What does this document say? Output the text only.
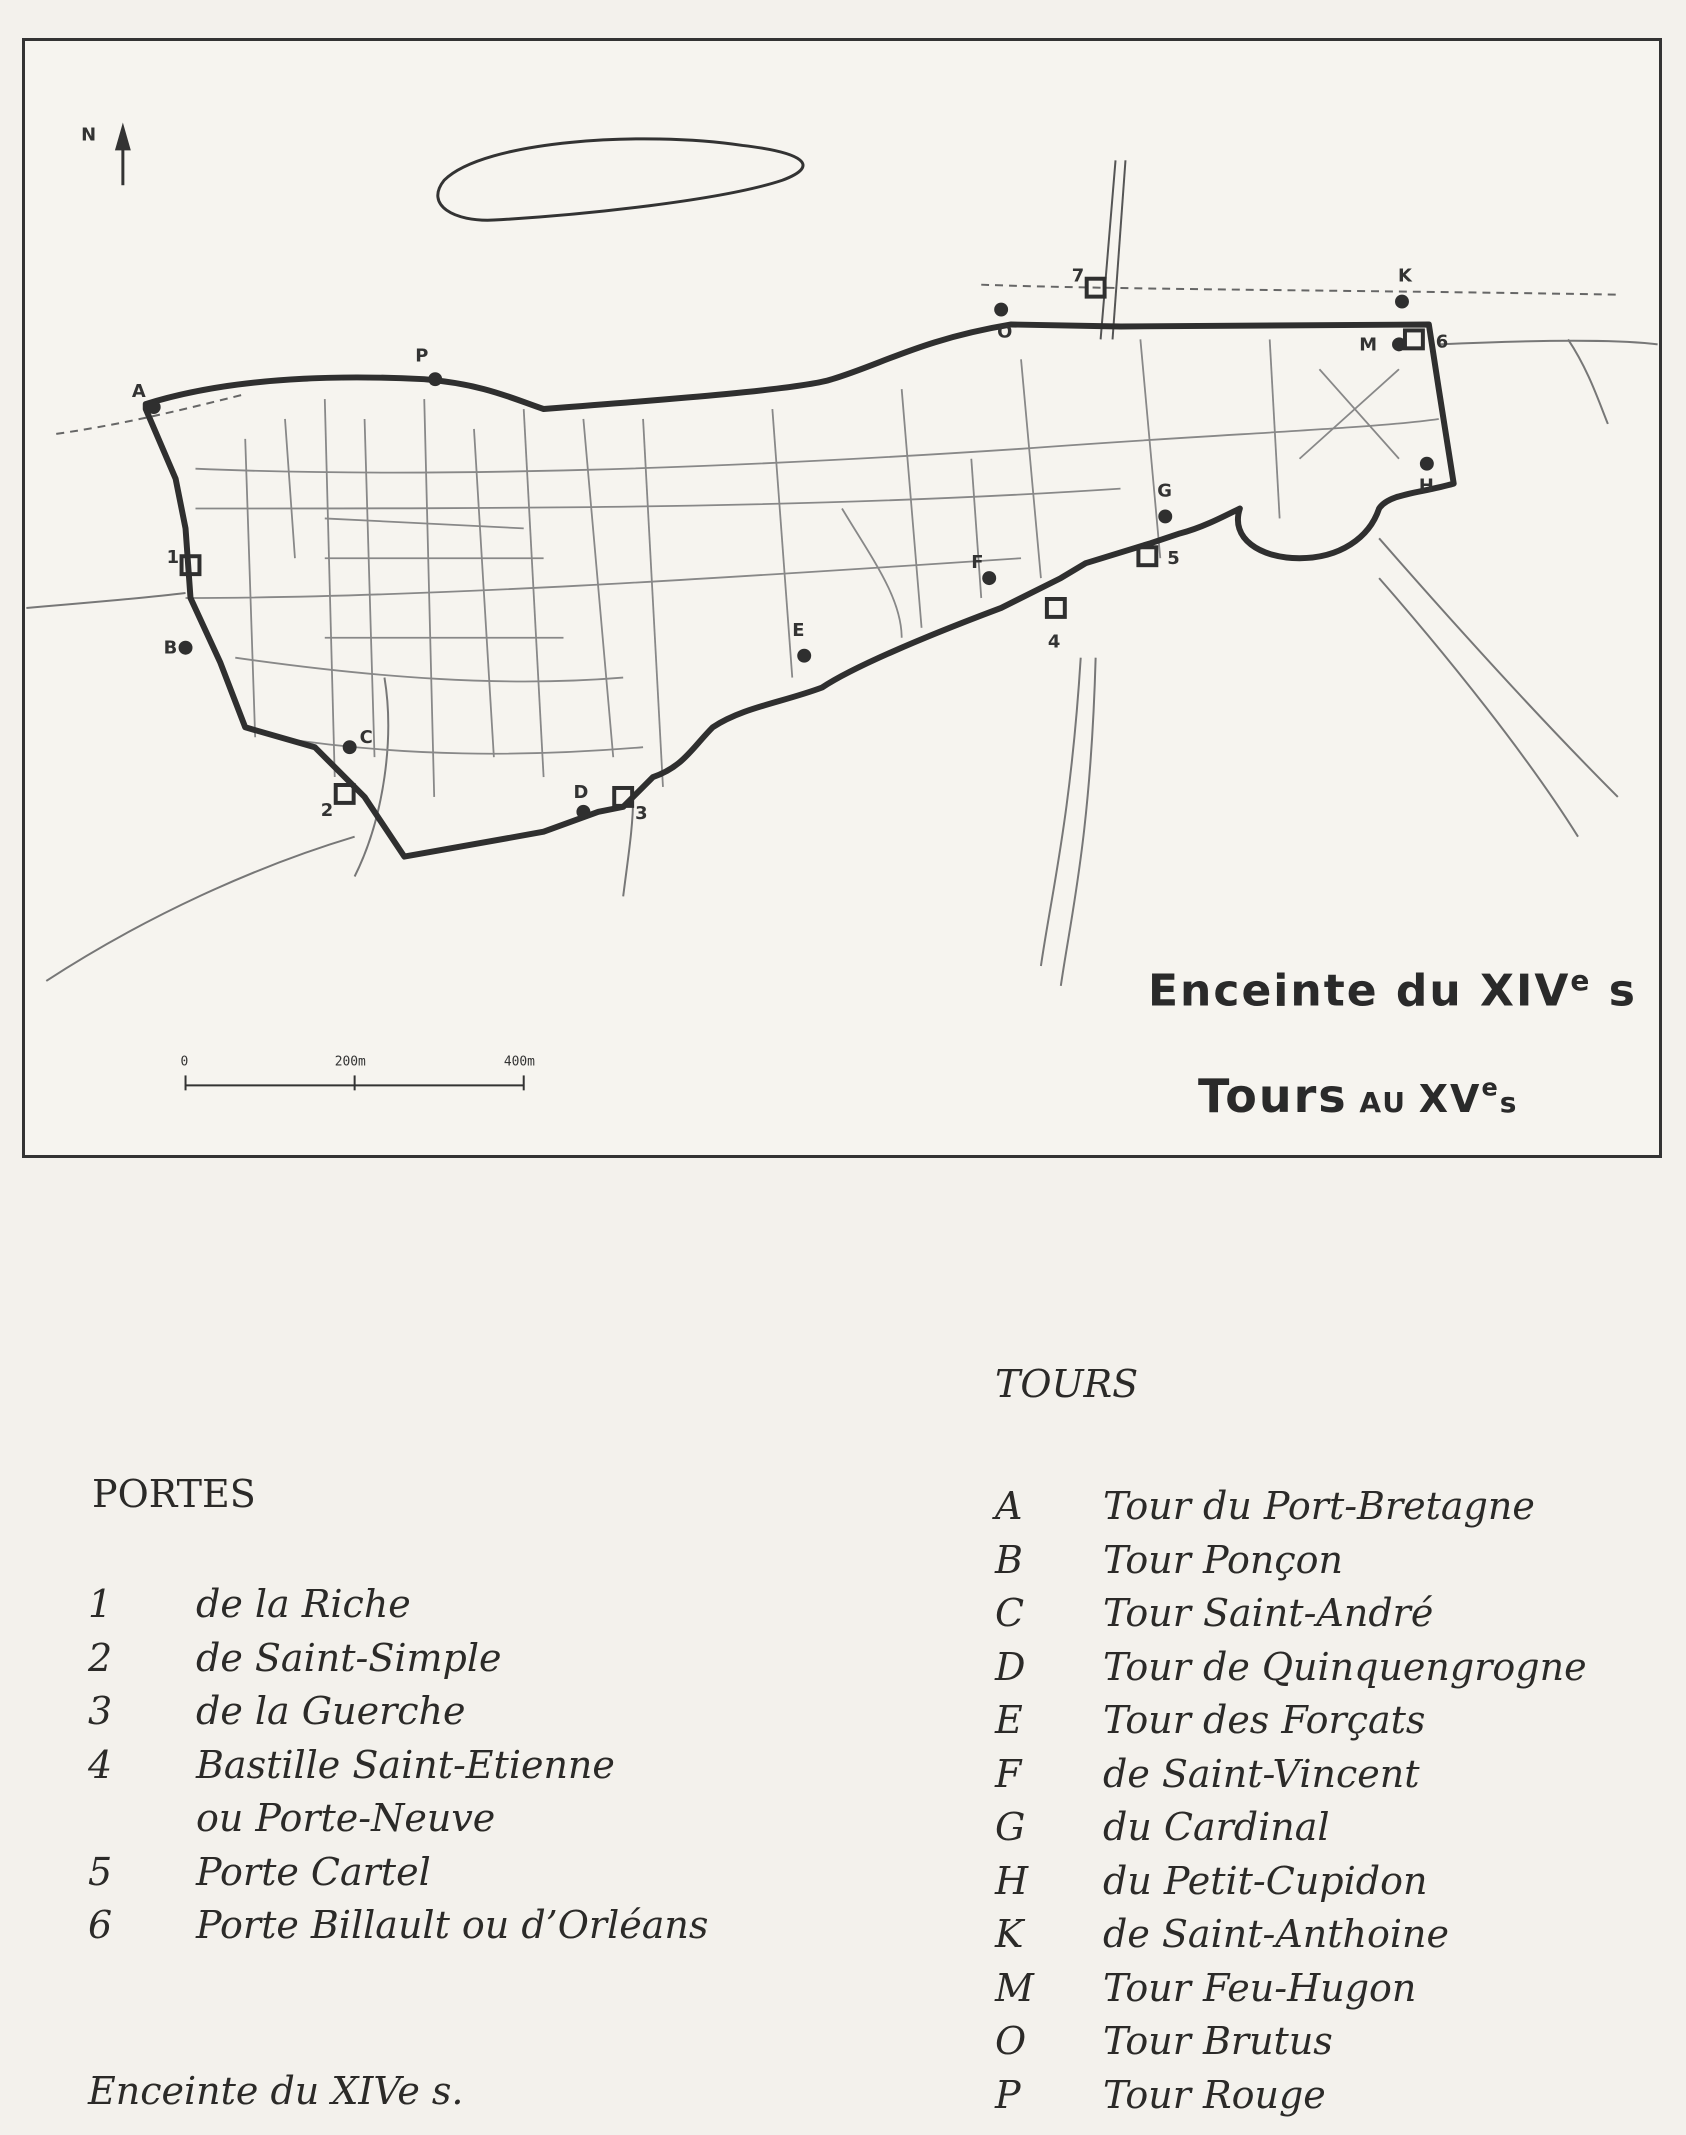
N
0	200m	400m
A
B
C
D
E
F
G	H
K
M
O
P
1
2	3
4
5
6
7
Enceinte du XIVe s
Tours AU XVes
PORTES
1	de la Riche
2	de Saint-Simple
3	de la Guerche
4	Bastille Saint-Etienne
ou Porte-Neuve
5	Porte Cartel
6	Porte Billault ou d’Orléans
Enceinte du XIVe s.
TOURS
A	Tour du Port-Bretagne
B	Tour Ponçon
C	Tour Saint-André
D	Tour de Quinquengrogne
E	Tour des Forçats
F	de Saint-Vincent
G	du Cardinal
H	du Petit-Cupidon
K	de Saint-Anthoine
M	Tour Feu-Hugon
O	Tour Brutus
P	Tour Rouge
